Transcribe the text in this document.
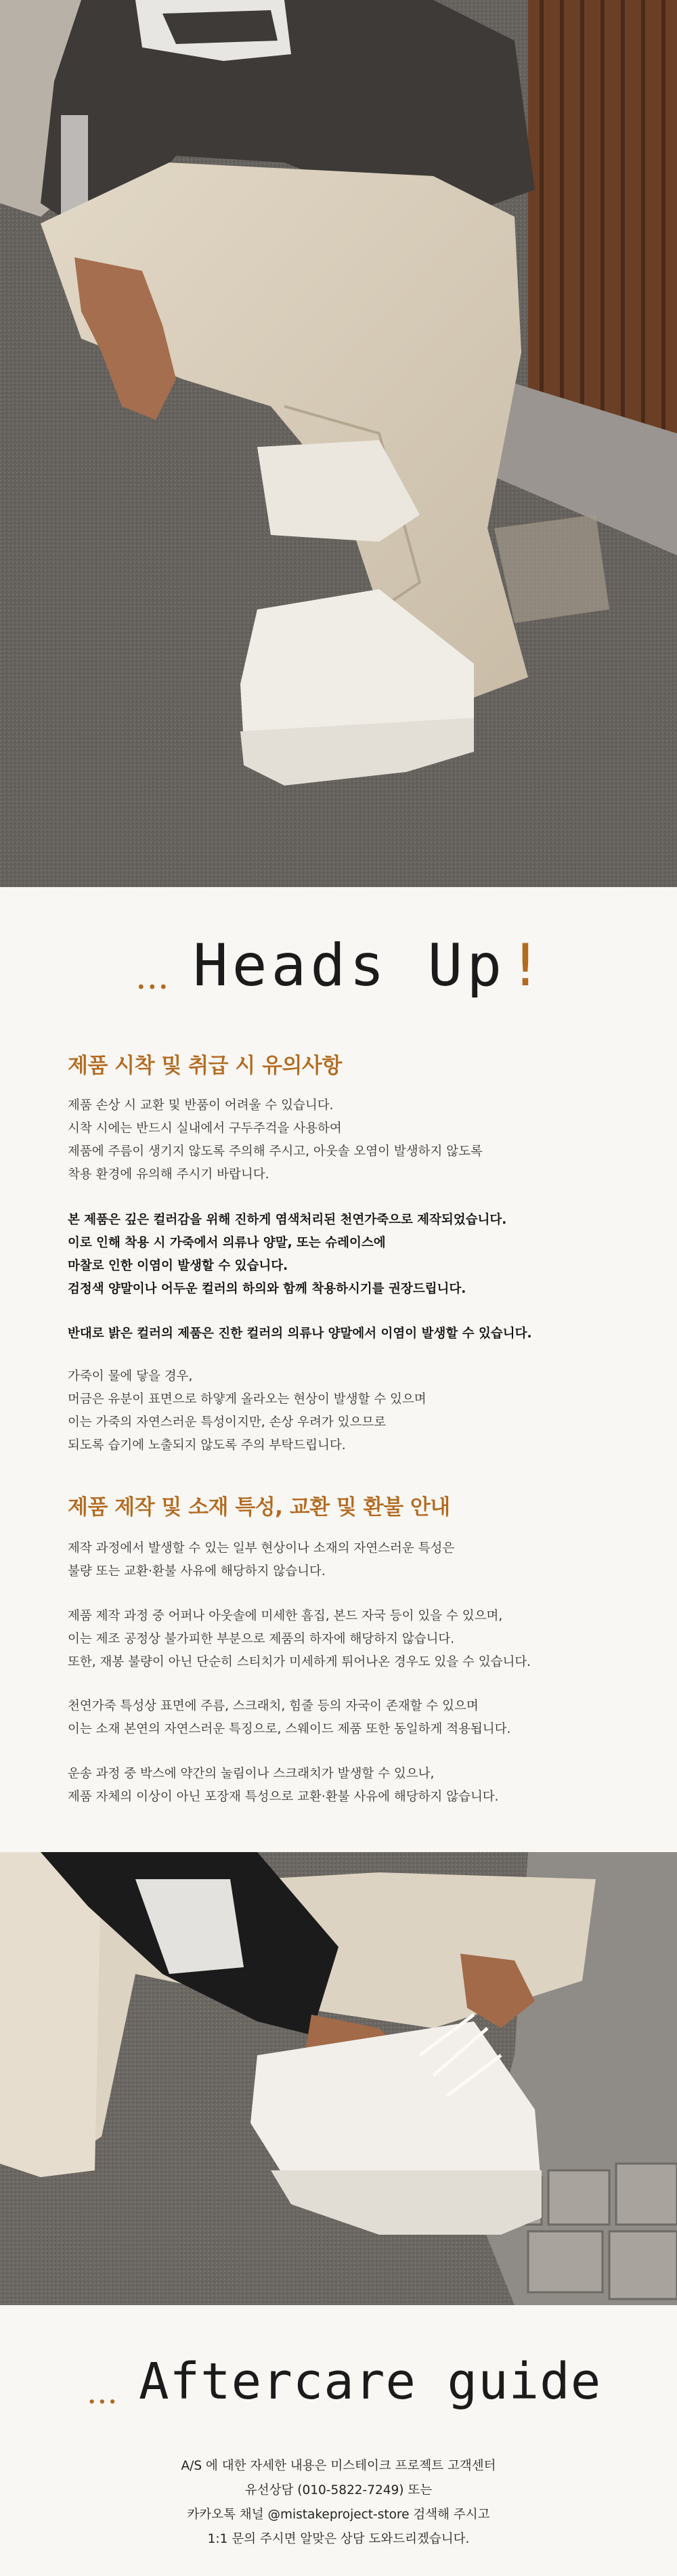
... Heads Up !
제품 시착 및 취급 시 유의사항
제품 손상 시 교환 및 반품이 어려울 수 있습니다.
시착 시에는 반드시 실내에서 구두주걱을 사용하여
제품에 주름이 생기지 않도록 주의해 주시고, 아웃솔 오염이 발생하지 않도록
착용 환경에 유의해 주시기 바랍니다.
본 제품은 깊은 컬러감을 위해 진하게 염색처리된 천연가죽으로 제작되었습니다.
이로 인해 착용 시 가죽에서 의류나 양말, 또는 슈레이스에
마찰로 인한 이염이 발생할 수 있습니다.
검정색 양말이나 어두운 컬러의 하의와 함께 착용하시기를 권장드립니다.
반대로 밝은 컬러의 제품은 진한 컬러의 의류나 양말에서 이염이 발생할 수 있습니다.
가죽이 물에 닿을 경우,
머금은 유분이 표면으로 하얗게 올라오는 현상이 발생할 수 있으며
이는 가죽의 자연스러운 특성이지만, 손상 우려가 있으므로
되도록 습기에 노출되지 않도록 주의 부탁드립니다.
제품 제작 및 소재 특성, 교환 및 환불 안내
제작 과정에서 발생할 수 있는 일부 현상이나 소재의 자연스러운 특성은
불량 또는 교환·환불 사유에 해당하지 않습니다.
제품 제작 과정 중 어퍼나 아웃솔에 미세한 흠집, 본드 자국 등이 있을 수 있으며,
이는 제조 공정상 불가피한 부분으로 제품의 하자에 해당하지 않습니다.
또한, 재봉 불량이 아닌 단순히 스티치가 미세하게 튀어나온 경우도 있을 수 있습니다.
천연가죽 특성상 표면에 주름, 스크래치, 힘줄 등의 자국이 존재할 수 있으며
이는 소재 본연의 자연스러운 특징으로, 스웨이드 제품 또한 동일하게 적용됩니다.
운송 과정 중 박스에 약간의 눌림이나 스크래치가 발생할 수 있으나,
제품 자체의 이상이 아닌 포장재 특성으로 교환·환불 사유에 해당하지 않습니다.
... Aftercare guide
A/S 에 대한 자세한 내용은 미스테이크 프로젝트 고객센터
유선상담 (010-5822-7249) 또는
카카오톡 채널 @mistakeproject-store 검색해 주시고
1:1 문의 주시면 알맞은 상담 도와드리겠습니다.
